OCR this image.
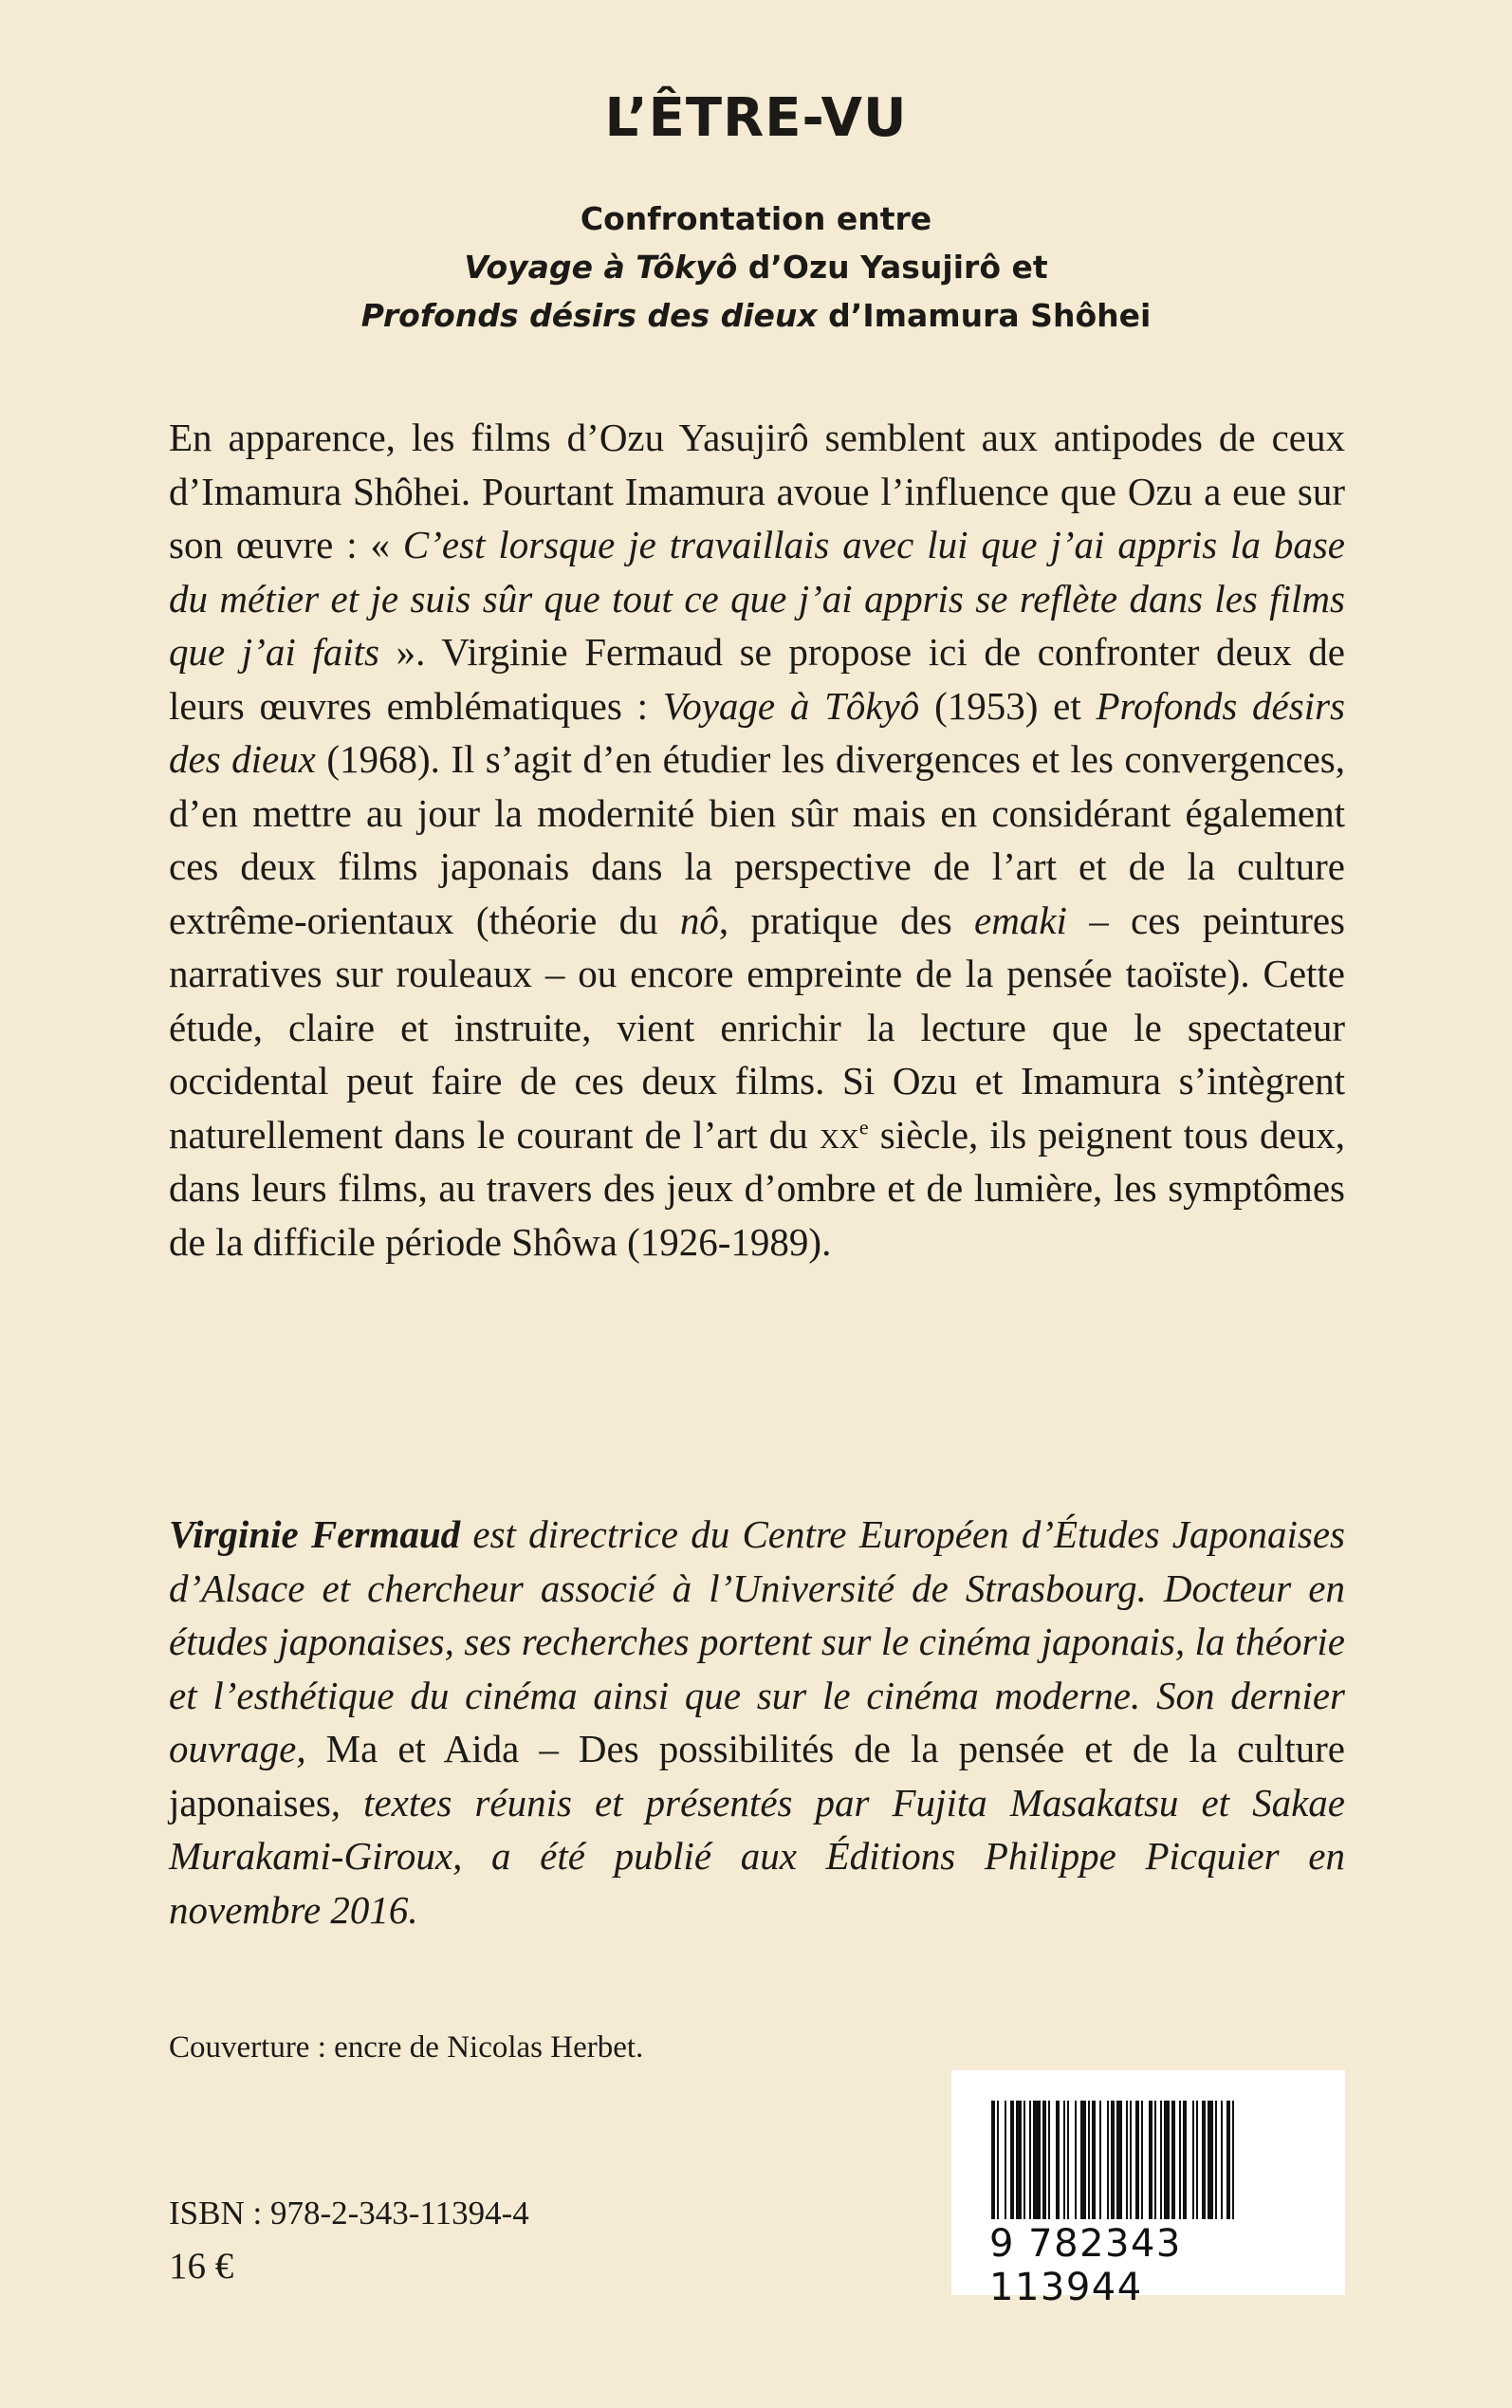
L’ÊTRE-VU
Confrontation entre
Voyage à Tôkyô d’Ozu Yasujirô et
Profonds désirs des dieux d’Imamura Shôhei
En apparence, les films d’Ozu Yasujirô semblent aux antipodes de ceux d’Imamura Shôhei. Pourtant Imamura avoue l’influence que Ozu a eue sur son œuvre : « C’est lorsque je travaillais avec lui que j’ai appris la base du métier et je suis sûr que tout ce que j’ai appris se reflète dans les films que j’ai faits ». Virginie Fermaud se propose ici de confronter deux de leurs œuvres emblématiques : Voyage à Tôkyô (1953) et Profonds désirs des dieux (1968). Il s’agit d’en étudier les divergences et les convergences, d’en mettre au jour la modernité bien sûr mais en considérant également ces deux films japonais dans la perspective de l’art et de la culture extrême-orientaux (théorie du nô, pratique des emaki – ces peintures narratives sur rouleaux – ou encore empreinte de la pensée taoïste). Cette étude, claire et instruite, vient enrichir la lecture que le spectateur occidental peut faire de ces deux films. Si Ozu et Imamura s’intègrent naturellement dans le courant de l’art du $xx^e$ siècle, ils peignent tous deux, dans leurs films, au travers des jeux d’ombre et de lumière, les symptômes de la difficile période Shôwa (1926-1989).
Virginie Fermaud est directrice du Centre Européen d’Études Japonaises d’Alsace et chercheur associé à l’Université de Strasbourg. Docteur en études japonaises, ses recherches portent sur le cinéma japonais, la théorie et l’esthétique du cinéma ainsi que sur le cinéma moderne. Son dernier ouvrage, Ma et Aida – Des possibilités de la pensée et de la culture japonaises, textes réunis et présentés par Fujita Masakatsu et Sakae Murakami-Giroux, a été publié aux Éditions Philippe Picquier en novembre 2016.
Couverture : encre de Nicolas Herbet.
ISBN : 978-2-343-11394-4
16 €
9 782343 113944
